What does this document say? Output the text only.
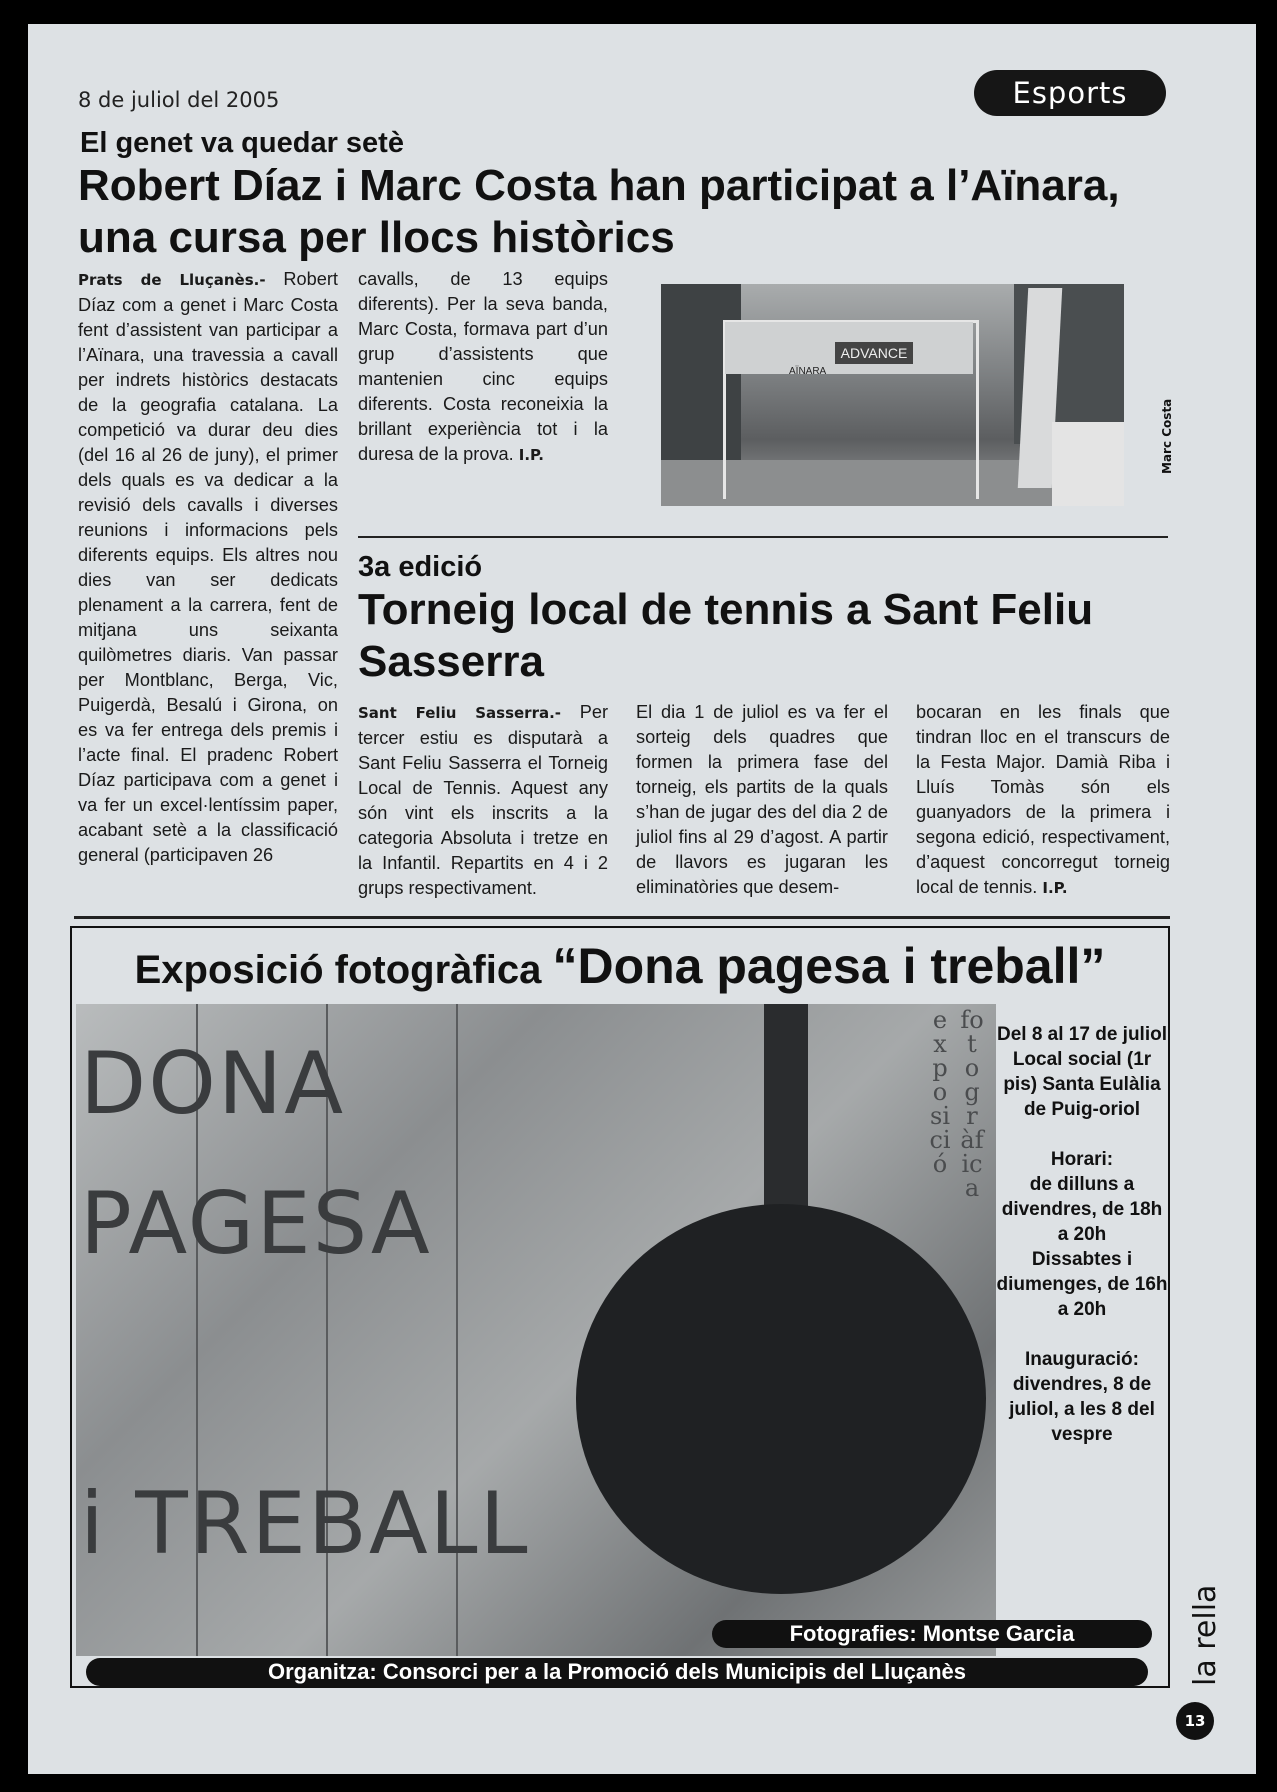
8 de juliol del 2005	Esports
El genet va quedar setè
Robert Díaz i Marc Costa han participat a l’Aïnara, una cursa per llocs històrics
Prats de Lluçanès.- Robert Díaz com a genet i Marc Costa fent d’assistent van participar a l’Aïnara, una travessia a cavall per indrets històrics destacats de la geografia catalana. La competició va durar deu dies (del 16 al 26 de juny), el primer dels quals es va dedicar a la revisió dels cavalls i diverses reunions i informacions pels diferents equips. Els altres nou dies van ser dedicats plenament a la carrera, fent de mitjana uns seixanta quilòmetres diaris. Van passar per Montblanc, Berga, Vic, Puigerdà, Besalú i Girona, on es va fer entrega dels premis i l’acte final. El pradenc Robert Díaz participava com a genet i va fer un excel·lentíssim paper, acabant setè a la classificació general (participaven 26
cavalls, de 13 equips diferents). Per la seva banda, Marc Costa, formava part d’un grup d’assistents que mantenien cinc equips diferents. Costa reconeixia la brillant experiència tot i la duresa de la prova. I.P.
ADVANCE
AÏNARA
Marc Costa
3a edició
Torneig local de tennis a Sant Feliu Sasserra
Sant Feliu Sasserra.- Per tercer estiu es disputarà a Sant Feliu Sasserra el Torneig Local de Tennis. Aquest any són vint els inscrits a la categoria Absoluta i tretze en la Infantil. Repartits en 4 i 2 grups respectivament.
El dia 1 de juliol es va fer el sorteig dels quadres que formen la primera fase del torneig, els partits de la quals s’han de jugar des del dia 2 de juliol fins al 29 d’agost. A partir de llavors es jugaran les eliminatòries que desem-
bocaran en les finals que tindran lloc en el transcurs de la Festa Major. Damià Riba i Lluís Tomàs són els guanyadors de la primera i segona edició, respectivament, d’aquest concorregut torneig local de tennis. I.P.
Exposició fotogràfica “Dona pagesa i treball”
DONA
PAGESA
i TREBALL
exposició
fotogràfica
Fotografies: Montse Garcia
Del 8 al 17 de juliol
Local social (1r pis) Santa Eulàlia de Puig-oriol
Horari:
de dilluns a divendres, de 18h a 20h
Dissabtes i diumenges, de 16h a 20h
Inauguració:
divendres, 8 de juliol, a les 8 del vespre
Organitza: Consorci per a la Promoció dels Municipis del Lluçanès	la rella
13
